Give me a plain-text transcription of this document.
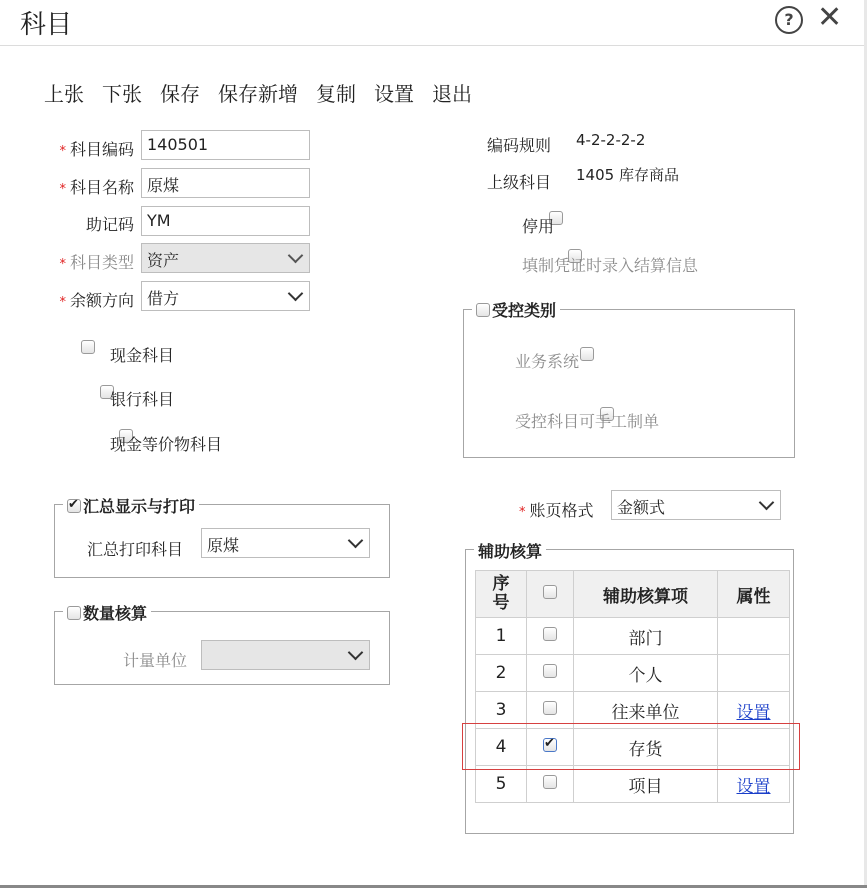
科目	? ✕
上张 下张 保存 保存新增 复制 设置 退出
* 科目编码 140501
* 科目名称 原煤
助记码 YM
* 科目类型 资产
* 余额方向 借方

现金科目

银行科目

现金等价物科目
编码规则 4-2-2-2-2
上级科目 1405 库存商品

停用

填制凭证时录入结算信息
受控类别

业务系统
受控科目可手工制单
✔汇总显示与打印
汇总打印科目	原煤
数量核算
计量单位
* 账页格式	金额式
辅助核算
序号		辅助核算项	属性
1		部门	
2		个人	
3		往来单位	设置
4	✔	存货	
5		项目	设置
